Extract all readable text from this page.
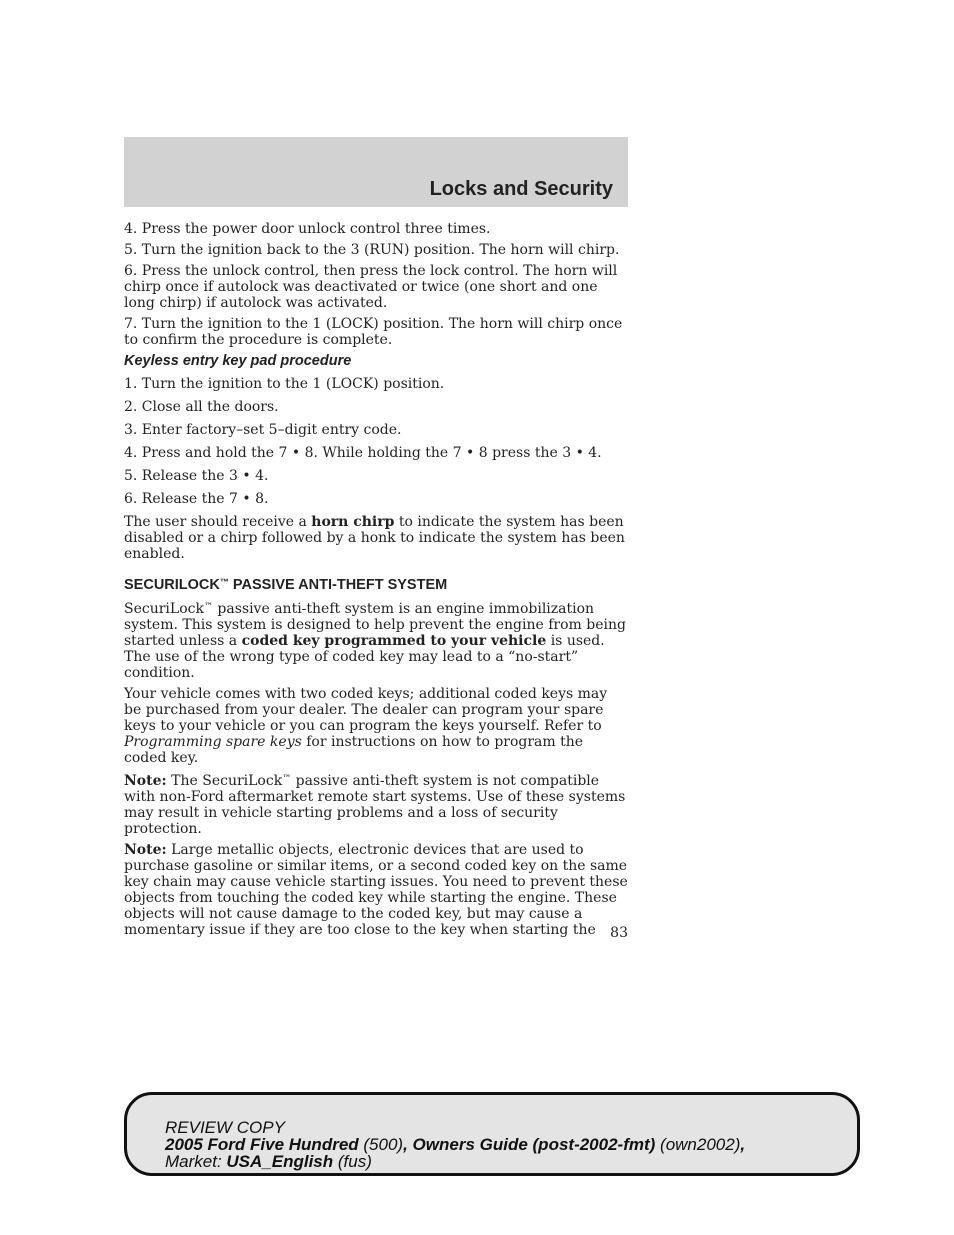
Locks and Security

4. Press the power door unlock control three times.

5. Turn the ignition back to the 3 (RUN) position. The horn will chirp.

6. Press the unlock control, then press the lock control. The horn will chirp once if autolock was deactivated or twice (one short and one long chirp) if autolock was activated.

7. Turn the ignition to the 1 (LOCK) position. The horn will chirp once to confirm the procedure is complete.

Keyless entry key pad procedure

1. Turn the ignition to the 1 (LOCK) position.

2. Close all the doors.

3. Enter factory–set 5–digit entry code.

4. Press and hold the 7 • 8. While holding the 7 • 8 press the 3 • 4.

5. Release the 3 • 4.

6. Release the 7 • 8.

The user should receive a horn chirp to indicate the system has been disabled or a chirp followed by a honk to indicate the system has been enabled.

SECURILOCK™ PASSIVE ANTI-THEFT SYSTEM

SecuriLock™ passive anti-theft system is an engine immobilization system. This system is designed to help prevent the engine from being started unless a coded key programmed to your vehicle is used. The use of the wrong type of coded key may lead to a “no-start” condition.

Your vehicle comes with two coded keys; additional coded keys may be purchased from your dealer. The dealer can program your spare keys to your vehicle or you can program the keys yourself. Refer to Programming spare keys for instructions on how to program the coded key.

Note: The SecuriLock™ passive anti-theft system is not compatible with non-Ford aftermarket remote start systems. Use of these systems may result in vehicle starting problems and a loss of security protection.

Note: Large metallic objects, electronic devices that are used to purchase gasoline or similar items, or a second coded key on the same key chain may cause vehicle starting issues. You need to prevent these objects from touching the coded key while starting the engine. These objects will not cause damage to the coded key, but may cause a momentary issue if they are too close to the key when starting the	83
REVIEW COPY
2005 Ford Five Hundred (500), Owners Guide (post-2002-fmt) (own2002),
Market: USA_English (fus)
